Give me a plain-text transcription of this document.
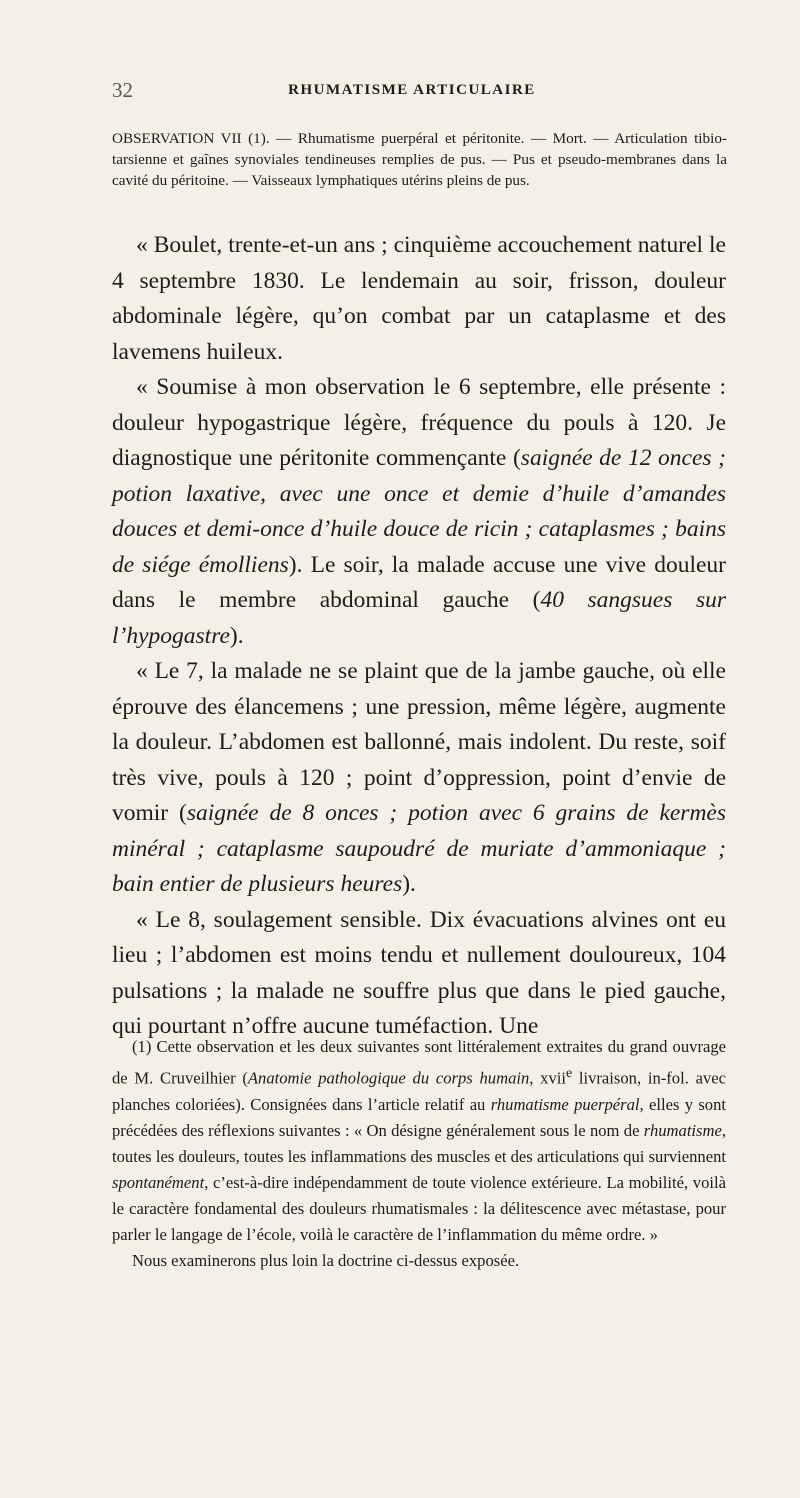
32	RHUMATISME ARTICULAIRE
OBSERVATION VII (1). — Rhumatisme puerpéral et péritonite. — Mort. — Articulation tibio-tarsienne et gaînes synoviales tendineuses remplies de pus. — Pus et pseudo-membranes dans la cavité du péritoine. — Vaisseaux lymphatiques utérins pleins de pus.

« Boulet, trente-et-un ans ; cinquième accouchement naturel le 4 septembre 1830. Le lendemain au soir, frisson, douleur abdominale légère, qu’on combat par un cataplasme et des lavemens huileux.

« Soumise à mon observation le 6 septembre, elle présente : douleur hypogastrique légère, fréquence du pouls à 120. Je diagnostique une péritonite commençante (saignée de 12 onces ; potion laxative, avec une once et demie d’huile d’amandes douces et demi-once d’huile douce de ricin ; cataplasmes ; bains de siége émolliens). Le soir, la malade accuse une vive douleur dans le membre abdominal gauche (40 sangsues sur l’hypogastre).

« Le 7, la malade ne se plaint que de la jambe gauche, où elle éprouve des élancemens ; une pression, même légère, augmente la douleur. L’abdomen est ballonné, mais indolent. Du reste, soif très vive, pouls à 120 ; point d’oppression, point d’envie de vomir (saignée de 8 onces ; potion avec 6 grains de kermès minéral ; cataplasme saupoudré de muriate d’ammoniaque ; bain entier de plusieurs heures).

« Le 8, soulagement sensible. Dix évacuations alvines ont eu lieu ; l’abdomen est moins tendu et nullement douloureux, 104 pulsations ; la malade ne souffre plus que dans le pied gauche, qui pourtant n’offre aucune tuméfaction. Une

(1) Cette observation et les deux suivantes sont littéralement extraites du grand ouvrage de M. Cruveilhier (Anatomie pathologique du corps humain, xvii$^e$ livraison, in-fol. avec planches coloriées). Consignées dans l’article relatif au rhumatisme puerpéral, elles y sont précédées des réflexions suivantes : « On désigne généralement sous le nom de rhumatisme, toutes les douleurs, toutes les inflammations des muscles et des articulations qui surviennent spontanément, c’est-à-dire indépendamment de toute violence extérieure. La mobilité, voilà le caractère fondamental des douleurs rhumatismales : la délitescence avec métastase, pour parler le langage de l’école, voilà le caractère de l’inflammation du même ordre. »

Nous examinerons plus loin la doctrine ci-dessus exposée.
